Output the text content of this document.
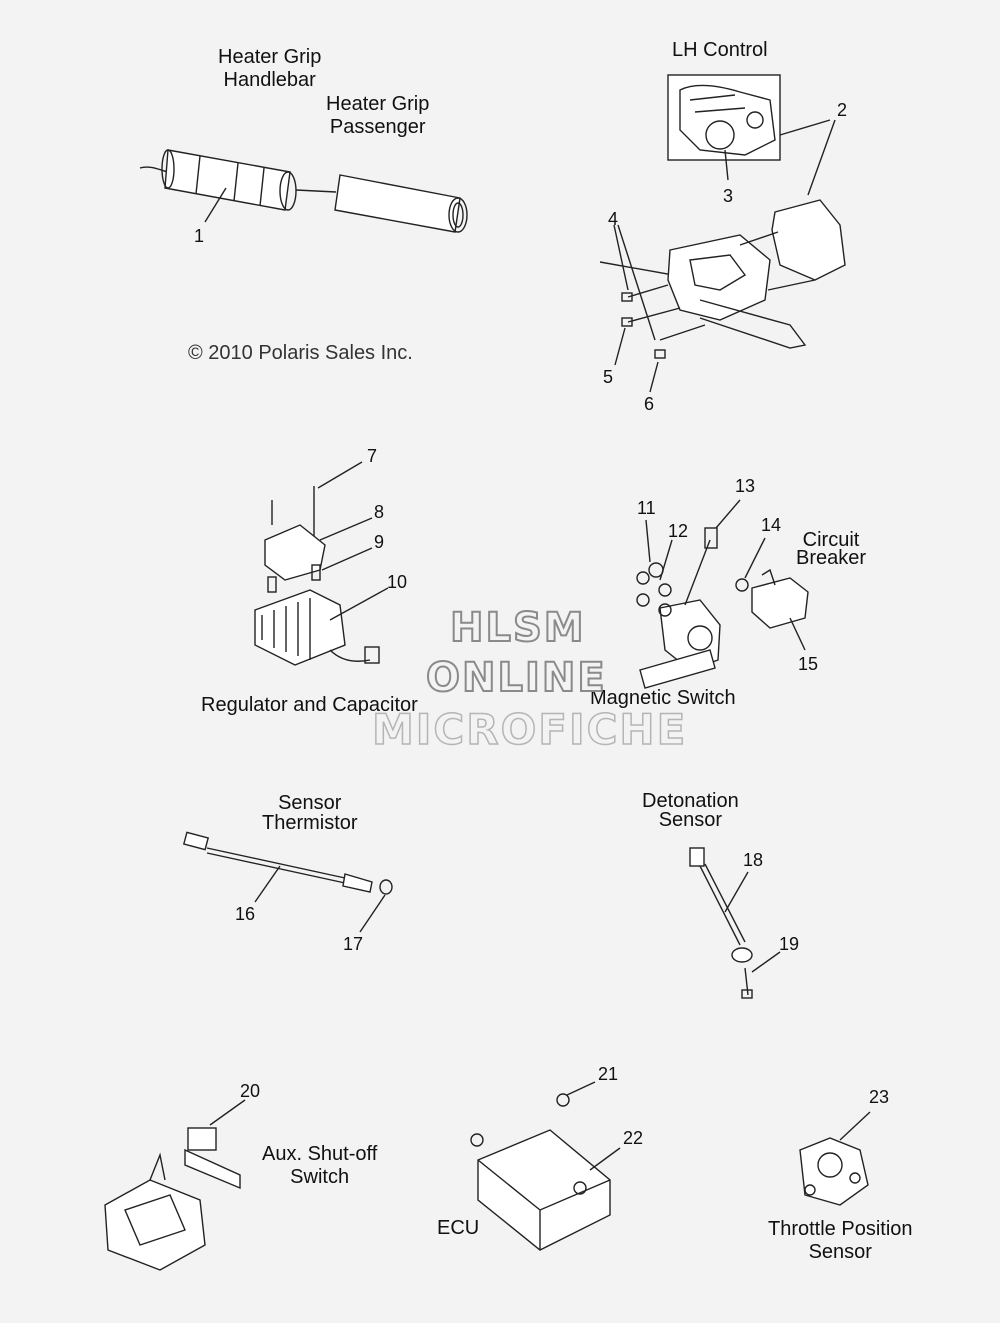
Heater Grip
Handlebar
Heater Grip
Passenger
LH Control
© 2010 Polaris Sales Inc.
Circuit
Breaker
Regulator and Capacitor	Magnetic Switch
Sensor
Thermistor
Detonation
Sensor
Aux. Shut-off
Switch
ECU	Throttle Position
Sensor
1
2
3
4
5
6
7
8
9
10
11
12
13
14
15
16
17
18
19
20
21
22
23
HLSM
ONLINE
MICROFICHE
